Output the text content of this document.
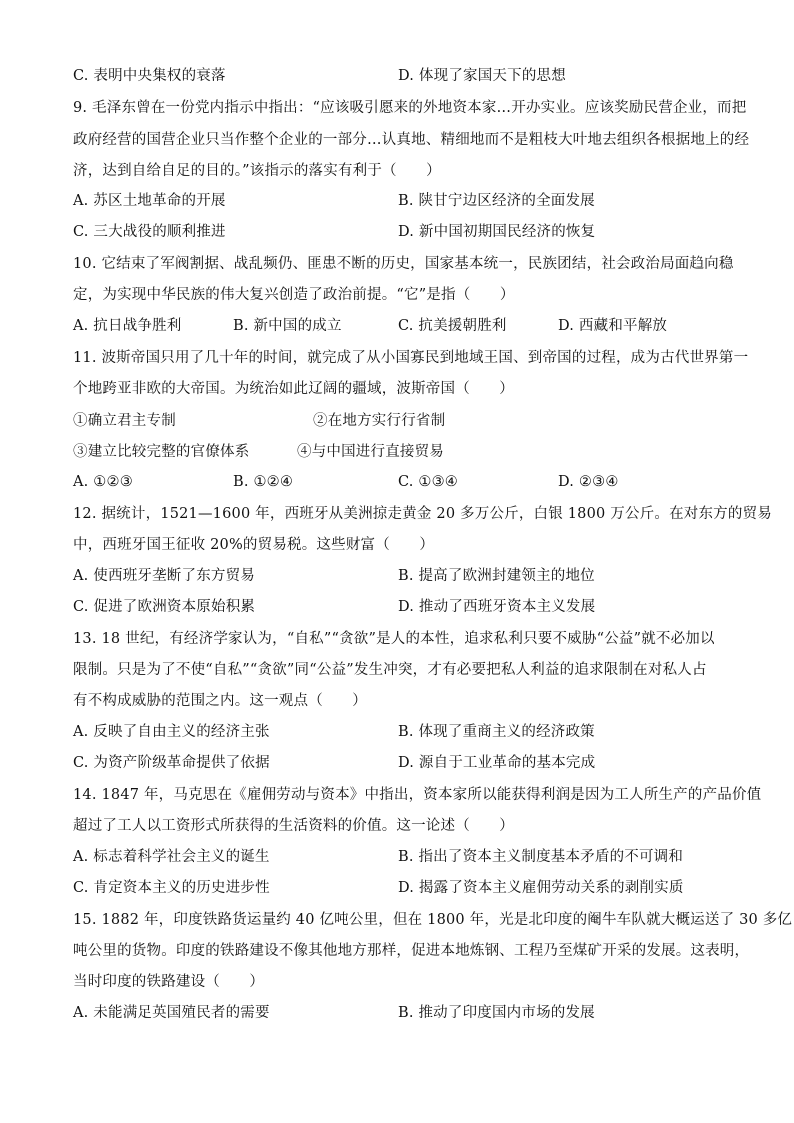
C. 表明中央集权的衰落	D. 体现了家国天下的思想
9. 毛泽东曾在一份党内指示中指出：“应该吸引愿来的外地资本家…开办实业。应该奖励民营企业，而把
政府经营的国营企业只当作整个企业的一部分…认真地、精细地而不是粗枝大叶地去组织各根据地上的经
济，达到自给自足的目的。”该指示的落实有利于（　　）
A. 苏区土地革命的开展	B. 陕甘宁边区经济的全面发展
C. 三大战役的顺利推进	D. 新中国初期国民经济的恢复
10. 它结束了军阀割据、战乱频仍、匪患不断的历史，国家基本统一，民族团结，社会政治局面趋向稳
定，为实现中华民族的伟大复兴创造了政治前提。“它”是指（　　）
A. 抗日战争胜利	B. 新中国的成立	C. 抗美援朝胜利	D. 西藏和平解放
11. 波斯帝国只用了几十年的时间，就完成了从小国寡民到地域王国、到帝国的过程，成为古代世界第一
个地跨亚非欧的大帝国。为统治如此辽阔的疆域，波斯帝国（　　）
①确立君主专制	②在地方实行行省制
③建立比较完整的官僚体系	④与中国进行直接贸易
A. ①②③	B. ①②④	C. ①③④	D. ②③④
12. 据统计，1521—1600 年，西班牙从美洲掠走黄金 20 多万公斤，白银 1800 万公斤。在对东方的贸易
中，西班牙国王征收 20%的贸易税。这些财富（　　）
A. 使西班牙垄断了东方贸易	B. 提高了欧洲封建领主的地位
C. 促进了欧洲资本原始积累	D. 推动了西班牙资本主义发展
13. 18 世纪，有经济学家认为，“自私”“贪欲”是人的本性，追求私利只要不威胁“公益”就不必加以
限制。只是为了不使“自私”“贪欲”同“公益”发生冲突，才有必要把私人利益的追求限制在对私人占
有不构成威胁的范围之内。这一观点（　　）
A. 反映了自由主义的经济主张	B. 体现了重商主义的经济政策
C. 为资产阶级革命提供了依据	D. 源自于工业革命的基本完成
14. 1847 年，马克思在《雇佣劳动与资本》中指出，资本家所以能获得利润是因为工人所生产的产品价值
超过了工人以工资形式所获得的生活资料的价值。这一论述（　　）
A. 标志着科学社会主义的诞生	B. 指出了资本主义制度基本矛盾的不可调和
C. 肯定资本主义的历史进步性	D. 揭露了资本主义雇佣劳动关系的剥削实质
15. 1882 年，印度铁路货运量约 40 亿吨公里，但在 1800 年，光是北印度的阉牛车队就大概运送了 30 多亿
吨公里的货物。印度的铁路建设不像其他地方那样，促进本地炼钢、工程乃至煤矿开采的发展。这表明，
当时印度的铁路建设（　　）
A. 未能满足英国殖民者的需要	B. 推动了印度国内市场的发展
